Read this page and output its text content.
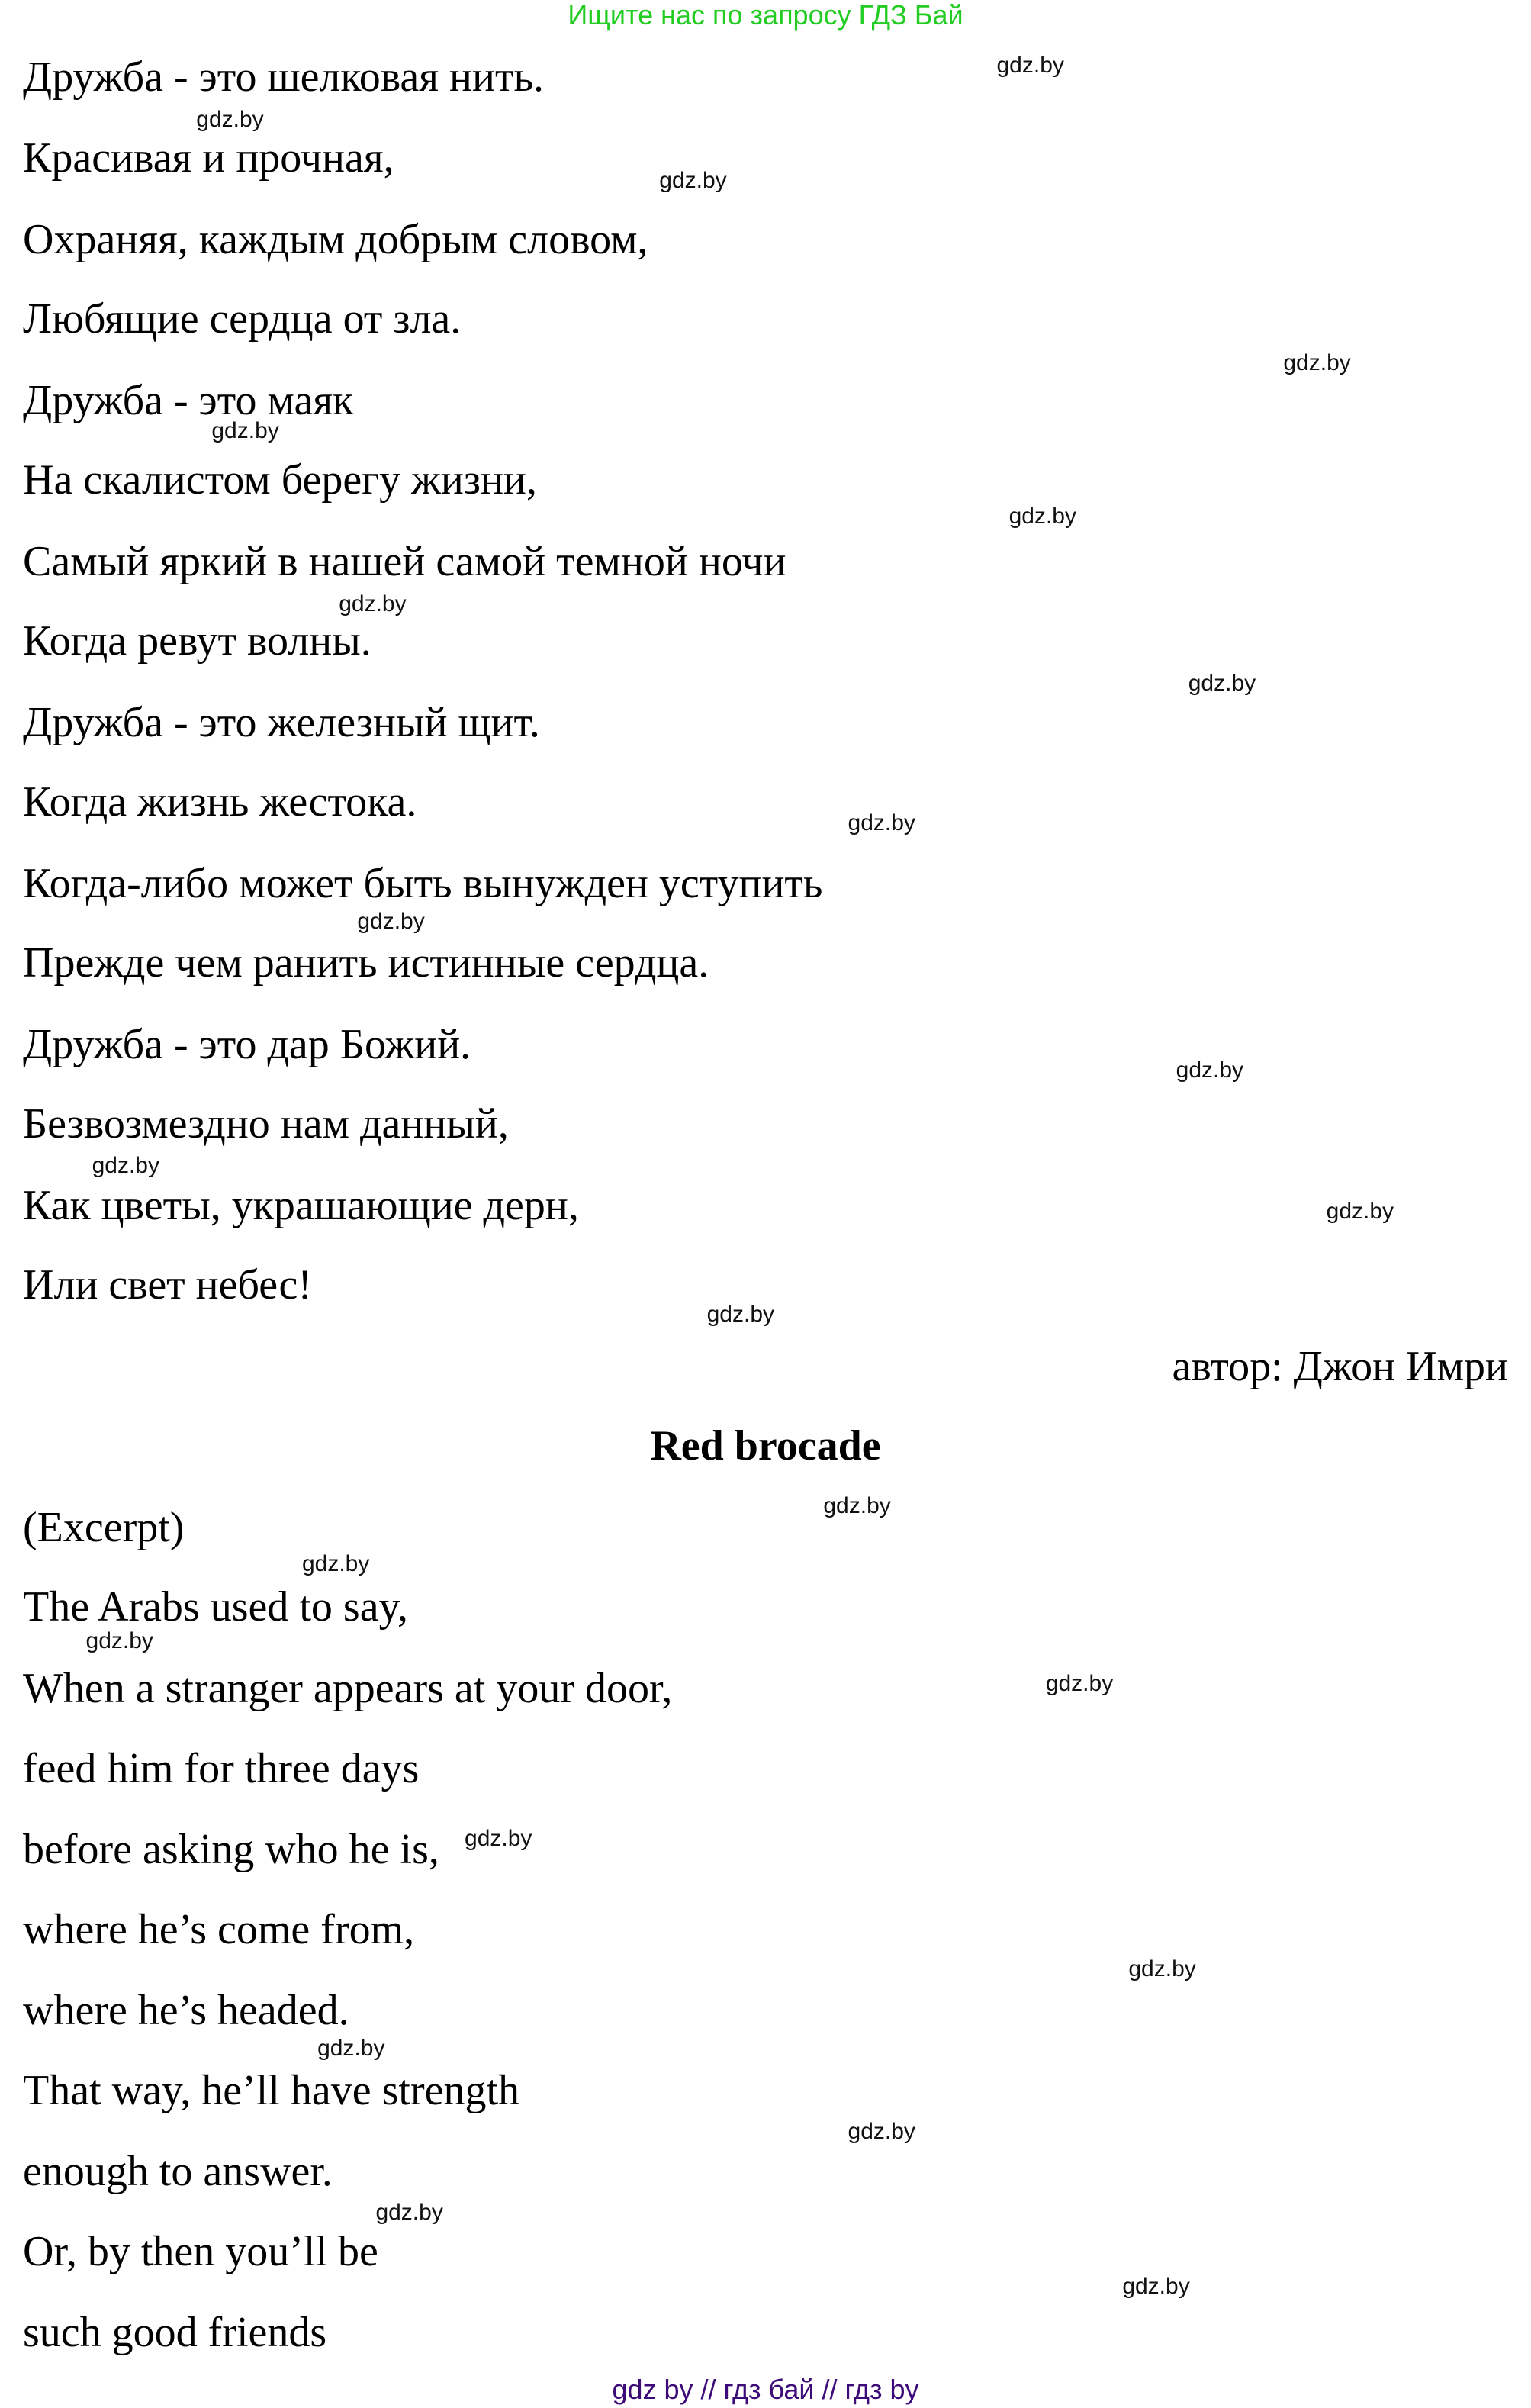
Ищите нас по запросу ГДЗ Бай
Дружба - это шелковая нить.
Красивая и прочная,
Охраняя, каждым добрым словом,
Любящие сердца от зла.
Дружба - это маяк
На скалистом берегу жизни,
Самый яркий в нашей самой темной ночи
Когда ревут волны.
Дружба - это железный щит.
Когда жизнь жестока.
Когда-либо может быть вынужден уступить
Прежде чем ранить истинные сердца.
Дружба - это дар Божий.
Безвозмездно нам данный,
Как цветы, украшающие дерн,
Или свет небес!
автор: Джон Имри
Red brocade
(Excerpt)
The Arabs used to say,
When a stranger appears at your door,
feed him for three days
before asking who he is,
where he’s come from,
where he’s headed.
That way, he’ll have strength
enough to answer.
Or, by then you’ll be
such good friends
gdz.by
gdz.by
gdz.by
gdz.by
gdz.by
gdz.by
gdz.by
gdz.by
gdz.by
gdz.by
gdz.by
gdz.by
gdz.by
gdz.by
gdz.by
gdz.by
gdz.by
gdz.by
gdz.by
gdz.by
gdz.by
gdz.by
gdz.by
gdz.by
gdz by // гдз бай // гдз by
